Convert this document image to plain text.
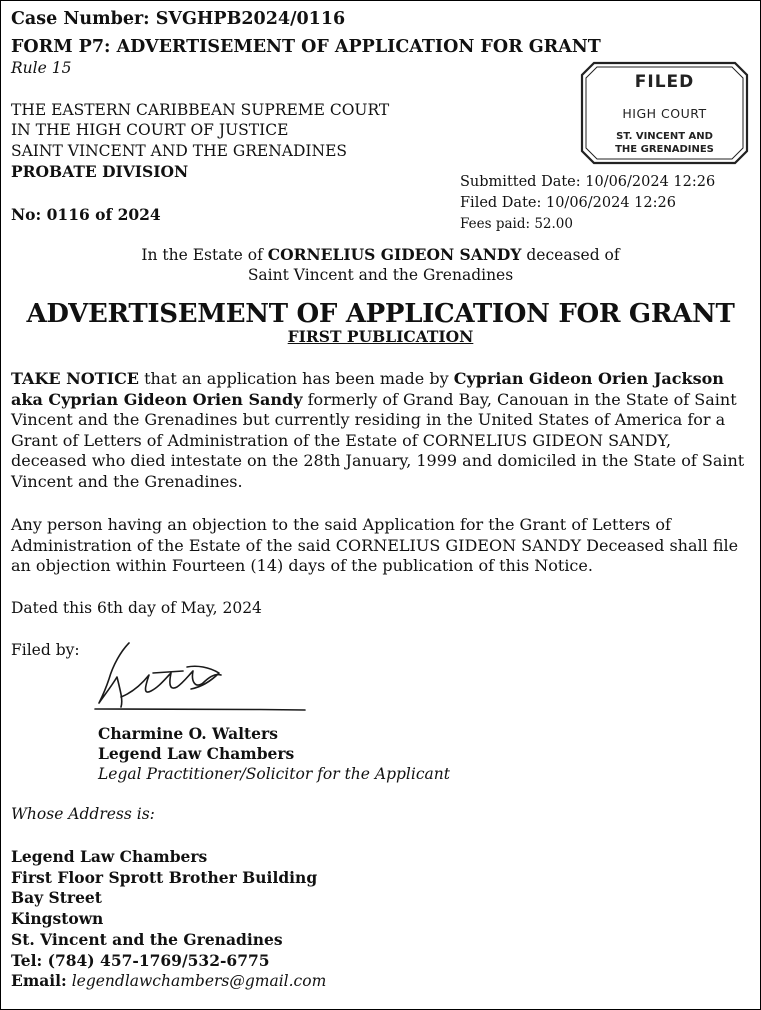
Case Number: SVGHPB2024/0116
FORM P7: ADVERTISEMENT OF APPLICATION FOR GRANT
Rule 15
THE EASTERN CARIBBEAN SUPREME COURT
IN THE HIGH COURT OF JUSTICE
SAINT VINCENT AND THE GRENADINES
PROBATE DIVISION
No: 0116 of 2024
FILED
HIGH COURT
ST. VINCENT AND
THE GRENADINES
Submitted Date: 10/06/2024 12:26
Filed Date: 10/06/2024 12:26
Fees paid: 52.00
In the Estate of CORNELIUS GIDEON SANDY deceased of
Saint Vincent and the Grenadines
ADVERTISEMENT OF APPLICATION FOR GRANT
FIRST PUBLICATION
TAKE NOTICE that an application has been made by Cyprian Gideon Orien Jackson aka Cyprian Gideon Orien Sandy formerly of Grand Bay, Canouan in the State of Saint Vincent and the Grenadines but currently residing in the United States of America for a Grant of Letters of Administration of the Estate of CORNELIUS GIDEON SANDY, deceased who died intestate on the 28th January, 1999 and domiciled in the State of Saint Vincent and the Grenadines.
Any person having an objection to the said Application for the Grant of Letters of Administration of the Estate of the said CORNELIUS GIDEON SANDY Deceased shall file an objection within Fourteen (14) days of the publication of this Notice.
Dated this 6th day of May, 2024
Filed by:
Charmine O. Walters
Legend Law Chambers
Legal Practitioner/Solicitor for the Applicant
Whose Address is:
Legend Law Chambers
First Floor Sprott Brother Building
Bay Street
Kingstown
St. Vincent and the Grenadines
Tel: (784) 457-1769/532-6775
Email: legendlawchambers@gmail.com
